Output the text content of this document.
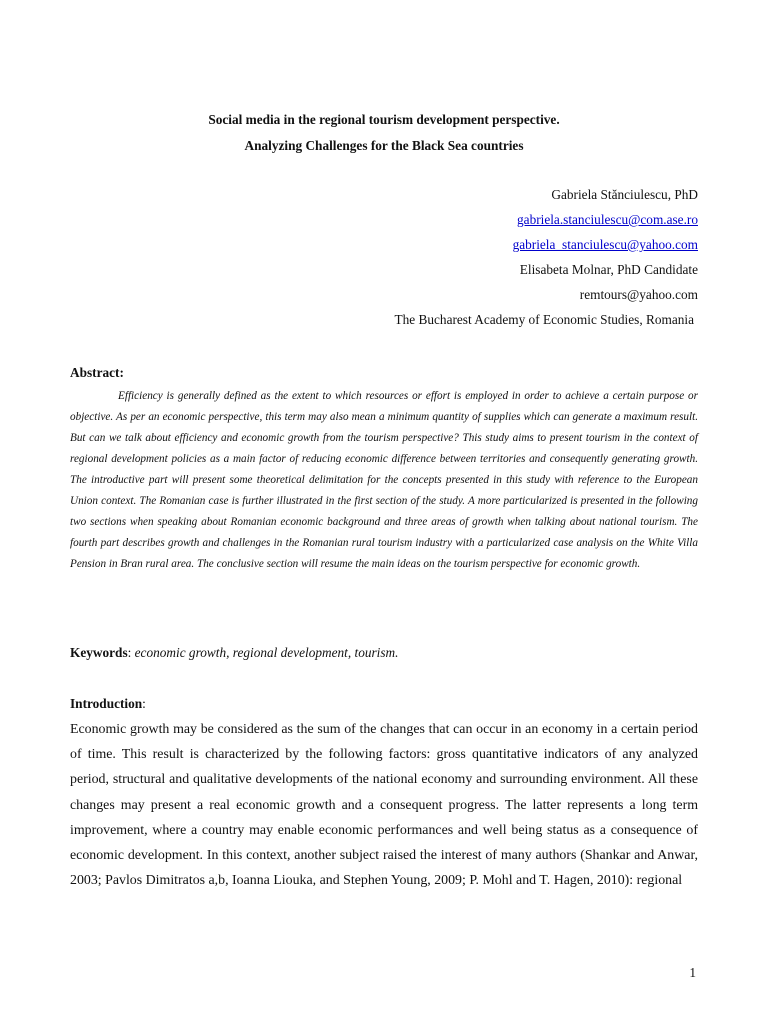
Social media in the regional tourism development perspective.

Analyzing Challenges for the Black Sea countries

Gabriela Stănciulescu, PhD
gabriela.stanciulescu@com.ase.ro
gabriela_stanciulescu@yahoo.com
Elisabeta Molnar, PhD Candidate
remtours@yahoo.com
The Bucharest Academy of Economic Studies, Romania
Abstract:

Efficiency is generally defined as the extent to which resources or effort is employed in order to achieve a certain purpose or objective. As per an economic perspective, this term may also mean a minimum quantity of supplies which can generate a maximum result. But can we talk about efficiency and economic growth from the tourism perspective? This study aims to present tourism in the context of regional development policies as a main factor of reducing economic difference between territories and consequently generating growth. The introductive part will present some theoretical delimitation for the concepts presented in this study with reference to the European Union context. The Romanian case is further illustrated in the first section of the study. A more particularized is presented in the following two sections when speaking about Romanian economic background and three areas of growth when talking about national tourism. The fourth part describes growth and challenges in the Romanian rural tourism industry with a particularized case analysis on the White Villa Pension in Bran rural area. The conclusive section will resume the main ideas on the tourism perspective for economic growth.

Keywords: economic growth, regional development, tourism.
Introduction:

Economic growth may be considered as the sum of the changes that can occur in an economy in a certain period of time. This result is characterized by the following factors: gross quantitative indicators of any analyzed period, structural and qualitative developments of the national economy and surrounding environment. All these changes may present a real economic growth and a consequent progress. The latter represents a long term improvement, where a country may enable economic performances and well being status as a consequence of economic development. In this context, another subject raised the interest of many authors (Shankar and Anwar, 2003; Pavlos Dimitratos a,b, Ioanna Liouka, and Stephen Young, 2009; P. Mohl and T. Hagen, 2010): regional

1
